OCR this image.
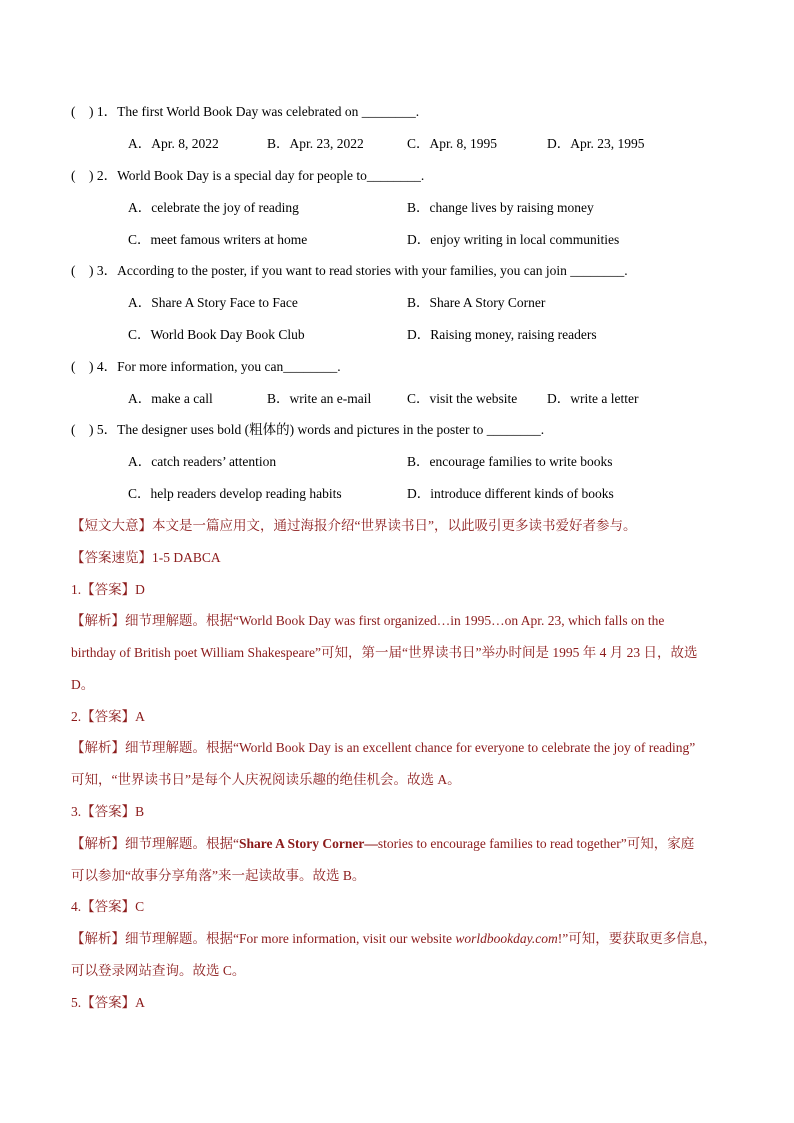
(    ) 1．The first World Book Day was celebrated on ________.
A．Apr. 8, 2022	B．Apr. 23, 2022	C．Apr. 8, 1995	D．Apr. 23, 1995
(    ) 2．World Book Day is a special day for people to________.
A．celebrate the joy of reading	B．change lives by raising money
C．meet famous writers at home	D．enjoy writing in local communities
(    ) 3．According to the poster, if you want to read stories with your families, you can join ________.
A．Share A Story Face to Face	B．Share A Story Corner
C．World Book Day Book Club	D．Raising money, raising readers
(    ) 4．For more information, you can________.
A．make a call	B．write an e-mail	C．visit the website D．write a letter
(    ) 5．The designer uses bold (粗体的) words and pictures in the poster to ________.
A．catch readers’ attention	B．encourage families to write books
C．help readers develop reading habits	D．introduce different kinds of books
【短文大意】本文是一篇应用文，通过海报介绍“世界读书日”，以此吸引更多读书爱好者参与。
【答案速览】1-5 DABCA
1.【答案】D
【解析】细节理解题。根据“World Book Day was first organized…in 1995…on Apr. 23, which falls on the
birthday of British poet William Shakespeare”可知，第一届“世界读书日”举办时间是 1995 年 4 月 23 日，故选
D。
2.【答案】A
【解析】细节理解题。根据“World Book Day is an excellent chance for everyone to celebrate the joy of reading”
可知，“世界读书日”是每个人庆祝阅读乐趣的绝佳机会。故选 A。
3.【答案】B
【解析】细节理解题。根据“Share A Story Corner—stories to encourage families to read together”可知，家庭
可以参加“故事分享角落”来一起读故事。故选 B。
4.【答案】C
【解析】细节理解题。根据“For more information, visit our website worldbookday.com!”可知，要获取更多信息，
可以登录网站查询。故选 C。
5.【答案】A
